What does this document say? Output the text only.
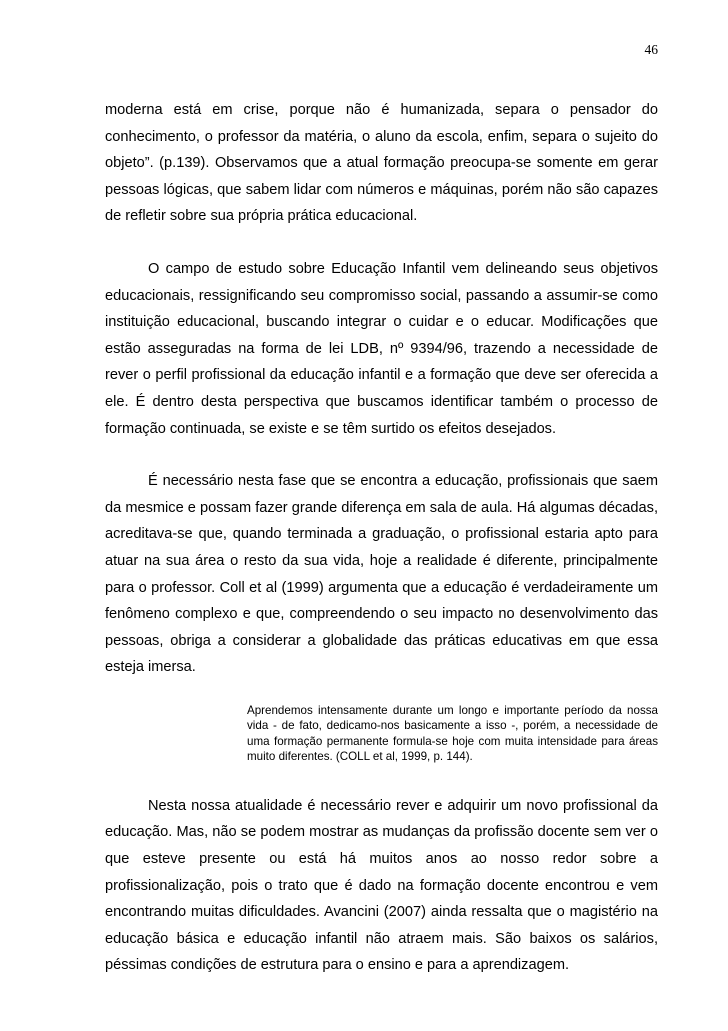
46

moderna está em crise, porque não é humanizada, separa o pensador do conhecimento, o professor da matéria, o aluno da escola, enfim, separa o sujeito do objeto”. (p.139). Observamos que a atual formação preocupa-se somente em gerar pessoas lógicas, que sabem lidar com números e máquinas, porém não são capazes de refletir sobre sua própria prática educacional.

O campo de estudo sobre Educação Infantil vem delineando seus objetivos educacionais, ressignificando seu compromisso social, passando a assumir-se como instituição educacional, buscando integrar o cuidar e o educar. Modificações que estão asseguradas na forma de lei LDB, nº 9394/96, trazendo a necessidade de rever o perfil profissional da educação infantil e a formação que deve ser oferecida a ele. É dentro desta perspectiva que buscamos identificar também o processo de formação continuada, se existe e se têm surtido os efeitos desejados.

É necessário nesta fase que se encontra a educação, profissionais que saem da mesmice e possam fazer grande diferença em sala de aula. Há algumas décadas, acreditava-se que, quando terminada a graduação, o profissional estaria apto para atuar na sua área o resto da sua vida, hoje a realidade é diferente, principalmente para o professor. Coll et al (1999) argumenta que a educação é verdadeiramente um fenômeno complexo e que, compreendendo o seu impacto no desenvolvimento das pessoas, obriga a considerar a globalidade das práticas educativas em que essa esteja imersa.

Aprendemos intensamente durante um longo e importante período da nossa vida - de fato, dedicamo-nos basicamente a isso -, porém, a necessidade de uma formação permanente formula-se hoje com muita intensidade para áreas muito diferentes. (COLL et al, 1999, p. 144).

Nesta nossa atualidade é necessário rever e adquirir um novo profissional da educação. Mas, não se podem mostrar as mudanças da profissão docente sem ver o que esteve presente ou está há muitos anos ao nosso redor sobre a profissionalização, pois o trato que é dado na formação docente encontrou e vem encontrando muitas dificuldades. Avancini (2007) ainda ressalta que o magistério na educação básica e educação infantil não atraem mais. São baixos os salários, péssimas condições de estrutura para o ensino e para a aprendizagem.
